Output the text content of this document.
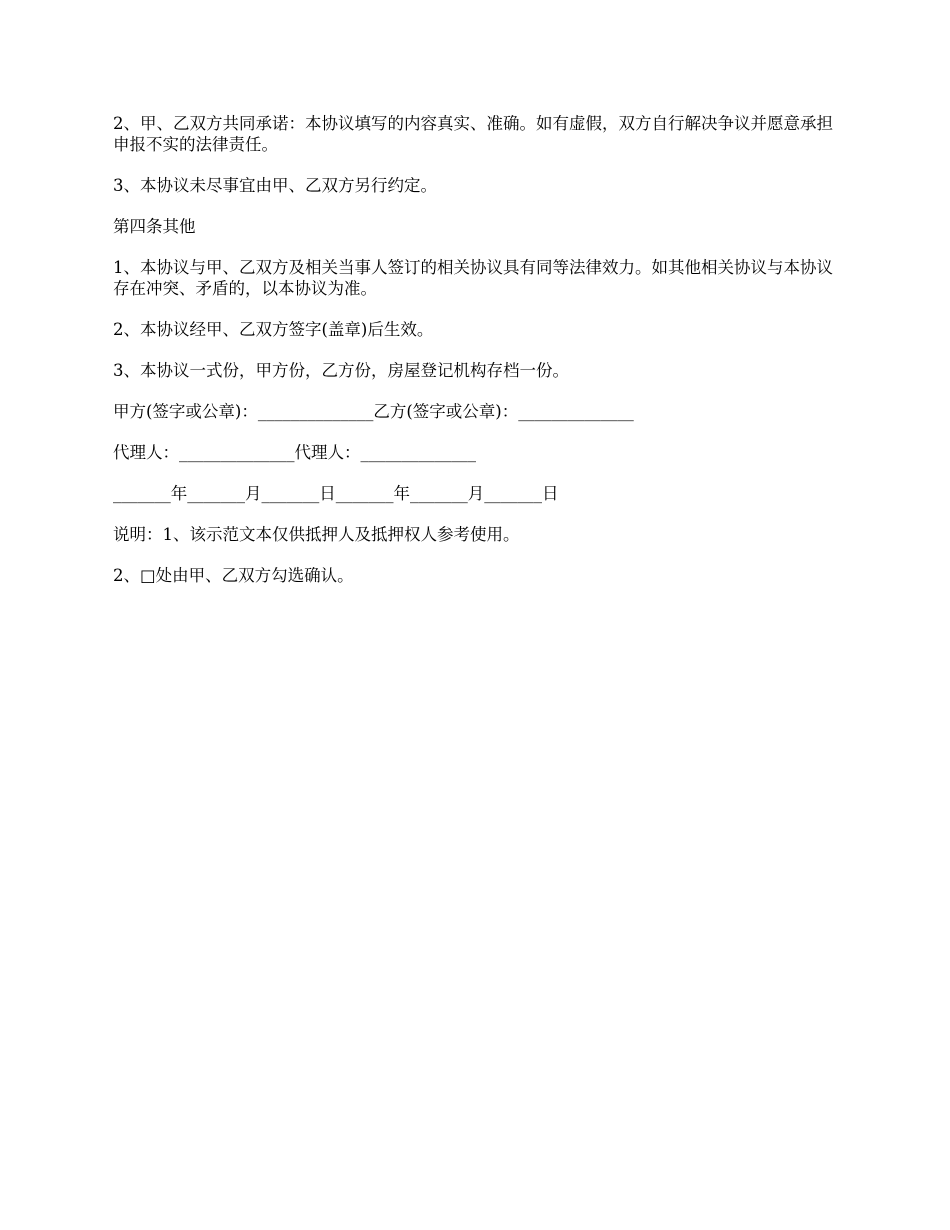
2、甲、乙双方共同承诺：本协议填写的内容真实、准确。如有虚假，双方自行解决争议并愿意承担申报不实的法律责任。

3、本协议未尽事宜由甲、乙双方另行约定。

第四条其他

1、本协议与甲、乙双方及相关当事人签订的相关协议具有同等法律效力。如其他相关协议与本协议存在冲突、矛盾的，以本协议为准。

2、本协议经甲、乙双方签字(盖章)后生效。

3、本协议一式份，甲方份，乙方份，房屋登记机构存档一份。

甲方(签字或公章)：______________乙方(签字或公章)：______________

代理人：______________代理人：______________

_______年_______月_______日_______年_______月_______日

说明：1、该示范文本仅供抵押人及抵押权人参考使用。

2、□处由甲、乙双方勾选确认。
